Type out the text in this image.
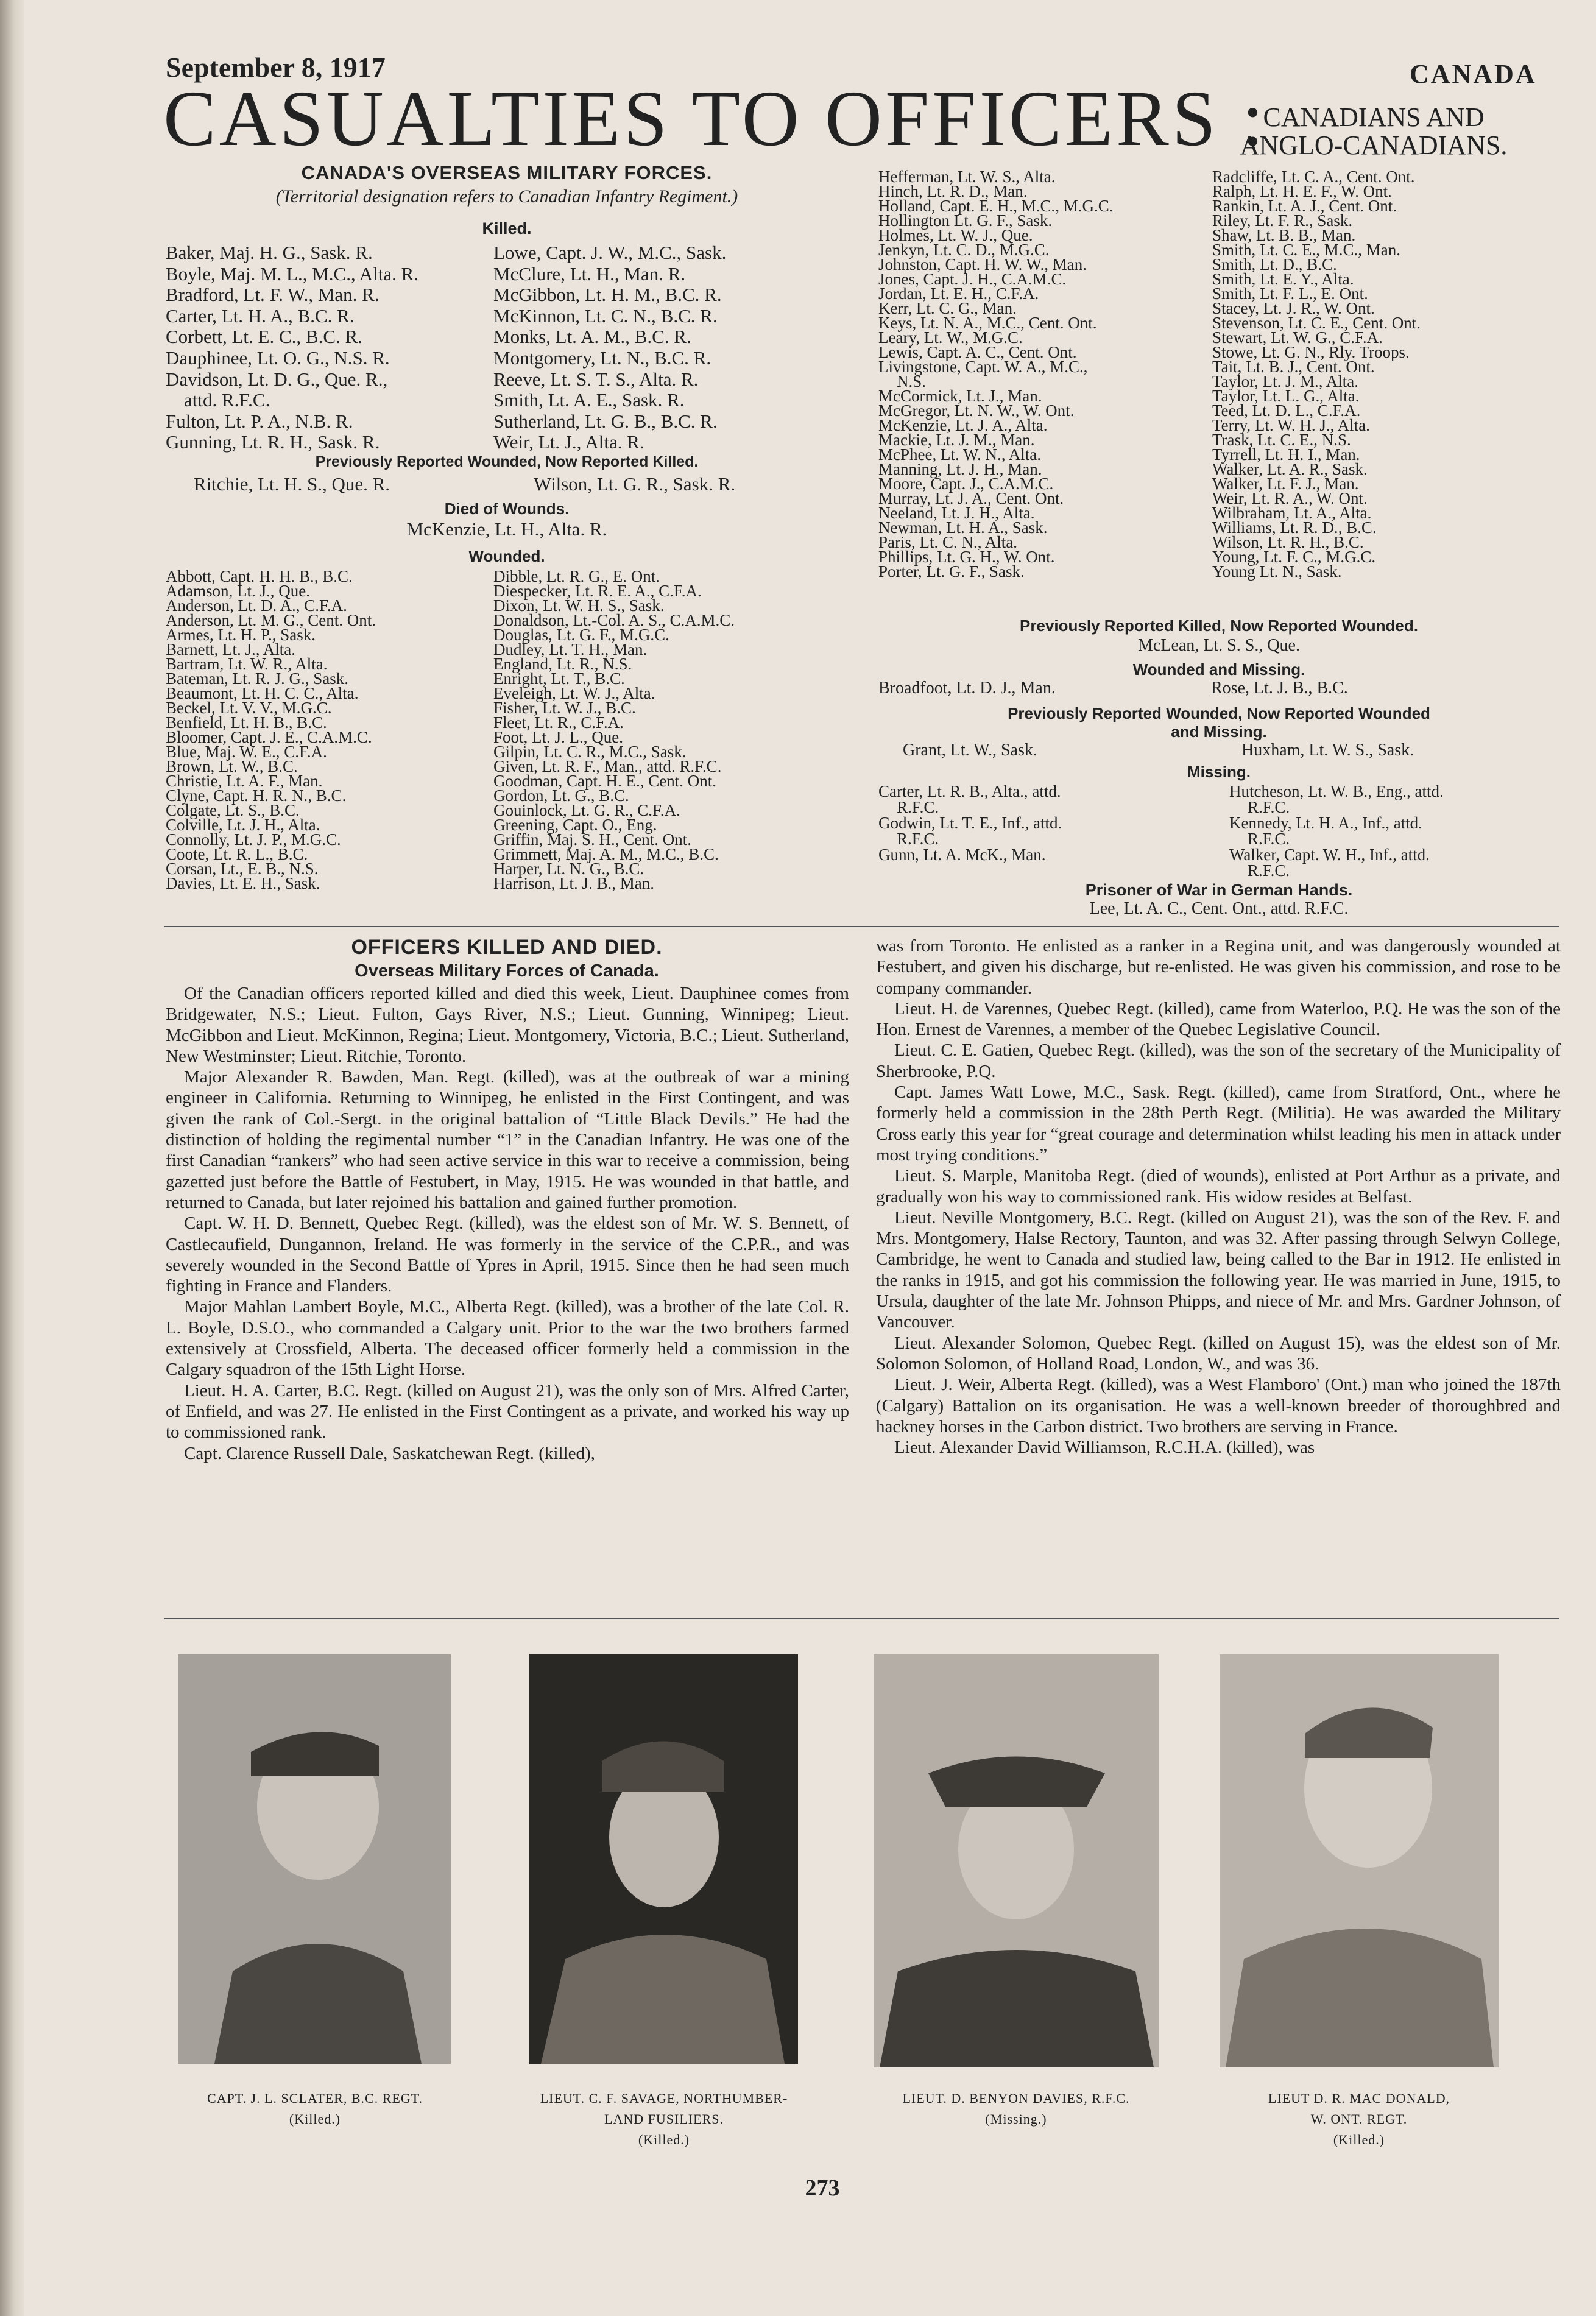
September 8, 1917	CANADA
CASUALTIES TO OFFICERS :
CANADIANS AND
ANGLO-CANADIANS.
CANADA'S OVERSEAS MILITARY FORCES.
(Territorial designation refers to Canadian Infantry Regiment.)
Killed.
Baker, Maj. H. G., Sask. R.
Boyle, Maj. M. L., M.C., Alta. R.
Bradford, Lt. F. W., Man. R.
Carter, Lt. H. A., B.C. R.
Corbett, Lt. E. C., B.C. R.
Dauphinee, Lt. O. G., N.S. R.
Davidson, Lt. D. G., Que. R.,
attd. R.F.C.
Fulton, Lt. P. A., N.B. R.
Gunning, Lt. R. H., Sask. R.
Lowe, Capt. J. W., M.C., Sask.
McClure, Lt. H., Man. R.
McGibbon, Lt. H. M., B.C. R.
McKinnon, Lt. C. N., B.C. R.
Monks, Lt. A. M., B.C. R.
Montgomery, Lt. N., B.C. R.
Reeve, Lt. S. T. S., Alta. R.
Smith, Lt. A. E., Sask. R.
Sutherland, Lt. G. B., B.C. R.
Weir, Lt. J., Alta. R.
Previously Reported Wounded, Now Reported Killed.
Ritchie, Lt. H. S., Que. R.	Wilson, Lt. G. R., Sask. R.
Died of Wounds.
McKenzie, Lt. H., Alta. R.
Wounded.
Abbott, Capt. H. H. B., B.C.
Adamson, Lt. J., Que.
Anderson, Lt. D. A., C.F.A.
Anderson, Lt. M. G., Cent. Ont.
Armes, Lt. H. P., Sask.
Barnett, Lt. J., Alta.
Bartram, Lt. W. R., Alta.
Bateman, Lt. R. J. G., Sask.
Beaumont, Lt. H. C. C., Alta.
Beckel, Lt. V. V., M.G.C.
Benfield, Lt. H. B., B.C.
Bloomer, Capt. J. E., C.A.M.C.
Blue, Maj. W. E., C.F.A.
Brown, Lt. W., B.C.
Christie, Lt. A. F., Man.
Clyne, Capt. H. R. N., B.C.
Colgate, Lt. S., B.C.
Colville, Lt. J. H., Alta.
Connolly, Lt. J. P., M.G.C.
Coote, Lt. R. L., B.C.
Corsan, Lt., E. B., N.S.
Davies, Lt. E. H., Sask.
Dibble, Lt. R. G., E. Ont.
Diespecker, Lt. R. E. A., C.F.A.
Dixon, Lt. W. H. S., Sask.
Donaldson, Lt.-Col. A. S., C.A.M.C.
Douglas, Lt. G. F., M.G.C.
Dudley, Lt. T. H., Man.
England, Lt. R., N.S.
Enright, Lt. T., B.C.
Eveleigh, Lt. W. J., Alta.
Fisher, Lt. W. J., B.C.
Fleet, Lt. R., C.F.A.
Foot, Lt. J. L., Que.
Gilpin, Lt. C. R., M.C., Sask.
Given, Lt. R. F., Man., attd. R.F.C.
Goodman, Capt. H. E., Cent. Ont.
Gordon, Lt. G., B.C.
Gouinlock, Lt. G. R., C.F.A.
Greening, Capt. O., Eng.
Griffin, Maj. S. H., Cent. Ont.
Grimmett, Maj. A. M., M.C., B.C.
Harper, Lt. N. G., B.C.
Harrison, Lt. J. B., Man.
Hefferman, Lt. W. S., Alta.
Hinch, Lt. R. D., Man.
Holland, Capt. E. H., M.C., M.G.C.
Hollington Lt. G. F., Sask.
Holmes, Lt. W. J., Que.
Jenkyn, Lt. C. D., M.G.C.
Johnston, Capt. H. W. W., Man.
Jones, Capt. J. H., C.A.M.C.
Jordan, Lt. E. H., C.F.A.
Kerr, Lt. C. G., Man.
Keys, Lt. N. A., M.C., Cent. Ont.
Leary, Lt. W., M.G.C.
Lewis, Capt. A. C., Cent. Ont.
Livingstone, Capt. W. A., M.C.,
N.S.
McCormick, Lt. J., Man.
McGregor, Lt. N. W., W. Ont.
McKenzie, Lt. J. A., Alta.
Mackie, Lt. J. M., Man.
McPhee, Lt. W. N., Alta.
Manning, Lt. J. H., Man.
Moore, Capt. J., C.A.M.C.
Murray, Lt. J. A., Cent. Ont.
Neeland, Lt. J. H., Alta.
Newman, Lt. H. A., Sask.
Paris, Lt. C. N., Alta.
Phillips, Lt. G. H., W. Ont.
Porter, Lt. G. F., Sask.
Radcliffe, Lt. C. A., Cent. Ont.
Ralph, Lt. H. E. F., W. Ont.
Rankin, Lt. A. J., Cent. Ont.
Riley, Lt. F. R., Sask.
Shaw, Lt. B. B., Man.
Smith, Lt. C. E., M.C., Man.
Smith, Lt. D., B.C.
Smith, Lt. E. Y., Alta.
Smith, Lt. F. L., E. Ont.
Stacey, Lt. J. R., W. Ont.
Stevenson, Lt. C. E., Cent. Ont.
Stewart, Lt. W. G., C.F.A.
Stowe, Lt. G. N., Rly. Troops.
Tait, Lt. B. J., Cent. Ont.
Taylor, Lt. J. M., Alta.
Taylor, Lt. L. G., Alta.
Teed, Lt. D. L., C.F.A.
Terry, Lt. W. H. J., Alta.
Trask, Lt. C. E., N.S.
Tyrrell, Lt. H. I., Man.
Walker, Lt. A. R., Sask.
Walker, Lt. F. J., Man.
Weir, Lt. R. A., W. Ont.
Wilbraham, Lt. A., Alta.
Williams, Lt. R. D., B.C.
Wilson, Lt. R. H., B.C.
Young, Lt. F. C., M.G.C.
Young Lt. N., Sask.
Previously Reported Killed, Now Reported Wounded.
McLean, Lt. S. S., Que.
Wounded and Missing.
Broadfoot, Lt. D. J., Man.	Rose, Lt. J. B., B.C.
Previously Reported Wounded, Now Reported Wounded
and Missing.
Grant, Lt. W., Sask.	Huxham, Lt. W. S., Sask.
Missing.
Carter, Lt. R. B., Alta., attd.
R.F.C.
Godwin, Lt. T. E., Inf., attd.
R.F.C.
Gunn, Lt. A. McK., Man.
Hutcheson, Lt. W. B., Eng., attd.
R.F.C.
Kennedy, Lt. H. A., Inf., attd.
R.F.C.
Walker, Capt. W. H., Inf., attd.
R.F.C.
Prisoner of War in German Hands.
Lee, Lt. A. C., Cent. Ont., attd. R.F.C.
OFFICERS KILLED AND DIED.
Overseas Military Forces of Canada.

Of the Canadian officers reported killed and died this week, Lieut. Dauphinee comes from Bridgewater, N.S.; Lieut. Fulton, Gays River, N.S.; Lieut. Gunning, Winnipeg; Lieut. McGibbon and Lieut. McKinnon, Regina; Lieut. Montgomery, Victoria, B.C.; Lieut. Sutherland, New Westminster; Lieut. Ritchie, Toronto.

Major Alexander R. Bawden, Man. Regt. (killed), was at the outbreak of war a mining engineer in California. Returning to Winnipeg, he enlisted in the First Contingent, and was given the rank of Col.-Sergt. in the original battalion of “Little Black Devils.” He had the distinction of holding the regimental number “1” in the Canadian Infantry. He was one of the first Canadian “rankers” who had seen active service in this war to receive a commission, being gazetted just before the Battle of Festubert, in May, 1915. He was wounded in that battle, and returned to Canada, but later rejoined his battalion and gained further promotion.

Capt. W. H. D. Bennett, Quebec Regt. (killed), was the eldest son of Mr. W. S. Bennett, of Castlecaufield, Dungannon, Ireland. He was formerly in the service of the C.P.R., and was severely wounded in the Second Battle of Ypres in April, 1915. Since then he had seen much fighting in France and Flanders.

Major Mahlan Lambert Boyle, M.C., Alberta Regt. (killed), was a brother of the late Col. R. L. Boyle, D.S.O., who commanded a Calgary unit. Prior to the war the two brothers farmed extensively at Crossfield, Alberta. The deceased officer formerly held a commission in the Calgary squadron of the 15th Light Horse.

Lieut. H. A. Carter, B.C. Regt. (killed on August 21), was the only son of Mrs. Alfred Carter, of Enfield, and was 27. He enlisted in the First Contingent as a private, and worked his way up to commissioned rank.

Capt. Clarence Russell Dale, Saskatchewan Regt. (killed),

was from Toronto. He enlisted as a ranker in a Regina unit, and was dangerously wounded at Festubert, and given his discharge, but re-enlisted. He was given his commission, and rose to be company commander.

Lieut. H. de Varennes, Quebec Regt. (killed), came from Waterloo, P.Q. He was the son of the Hon. Ernest de Varennes, a member of the Quebec Legislative Council.

Lieut. C. E. Gatien, Quebec Regt. (killed), was the son of the secretary of the Municipality of Sherbrooke, P.Q.

Capt. James Watt Lowe, M.C., Sask. Regt. (killed), came from Stratford, Ont., where he formerly held a commission in the 28th Perth Regt. (Militia). He was awarded the Military Cross early this year for “great courage and determination whilst leading his men in attack under most trying conditions.”

Lieut. S. Marple, Manitoba Regt. (died of wounds), enlisted at Port Arthur as a private, and gradually won his way to commissioned rank. His widow resides at Belfast.

Lieut. Neville Montgomery, B.C. Regt. (killed on August 21), was the son of the Rev. F. and Mrs. Montgomery, Halse Rectory, Taunton, and was 32. After passing through Selwyn College, Cambridge, he went to Canada and studied law, being called to the Bar in 1912. He enlisted in the ranks in 1915, and got his commission the following year. He was married in June, 1915, to Ursula, daughter of the late Mr. Johnson Phipps, and niece of Mr. and Mrs. Gardner Johnson, of Vancouver.

Lieut. Alexander Solomon, Quebec Regt. (killed on August 15), was the eldest son of Mr. Solomon Solomon, of Holland Road, London, W., and was 36.

Lieut. J. Weir, Alberta Regt. (killed), was a West Flamboro' (Ont.) man who joined the 187th (Calgary) Battalion on its organisation. He was a well-known breeder of thoroughbred and hackney horses in the Carbon district. Two brothers are serving in France.

Lieut. Alexander David Williamson, R.C.H.A. (killed), was

CAPT. J. L. SCLATER, B.C. REGT.
(Killed.)
LIEUT. C. F. SAVAGE, NORTHUMBER-
LAND FUSILIERS.
(Killed.)
LIEUT. D. BENYON DAVIES, R.F.C.
(Missing.)
LIEUT D. R. MAC DONALD,
W. ONT. REGT.
(Killed.)
273
